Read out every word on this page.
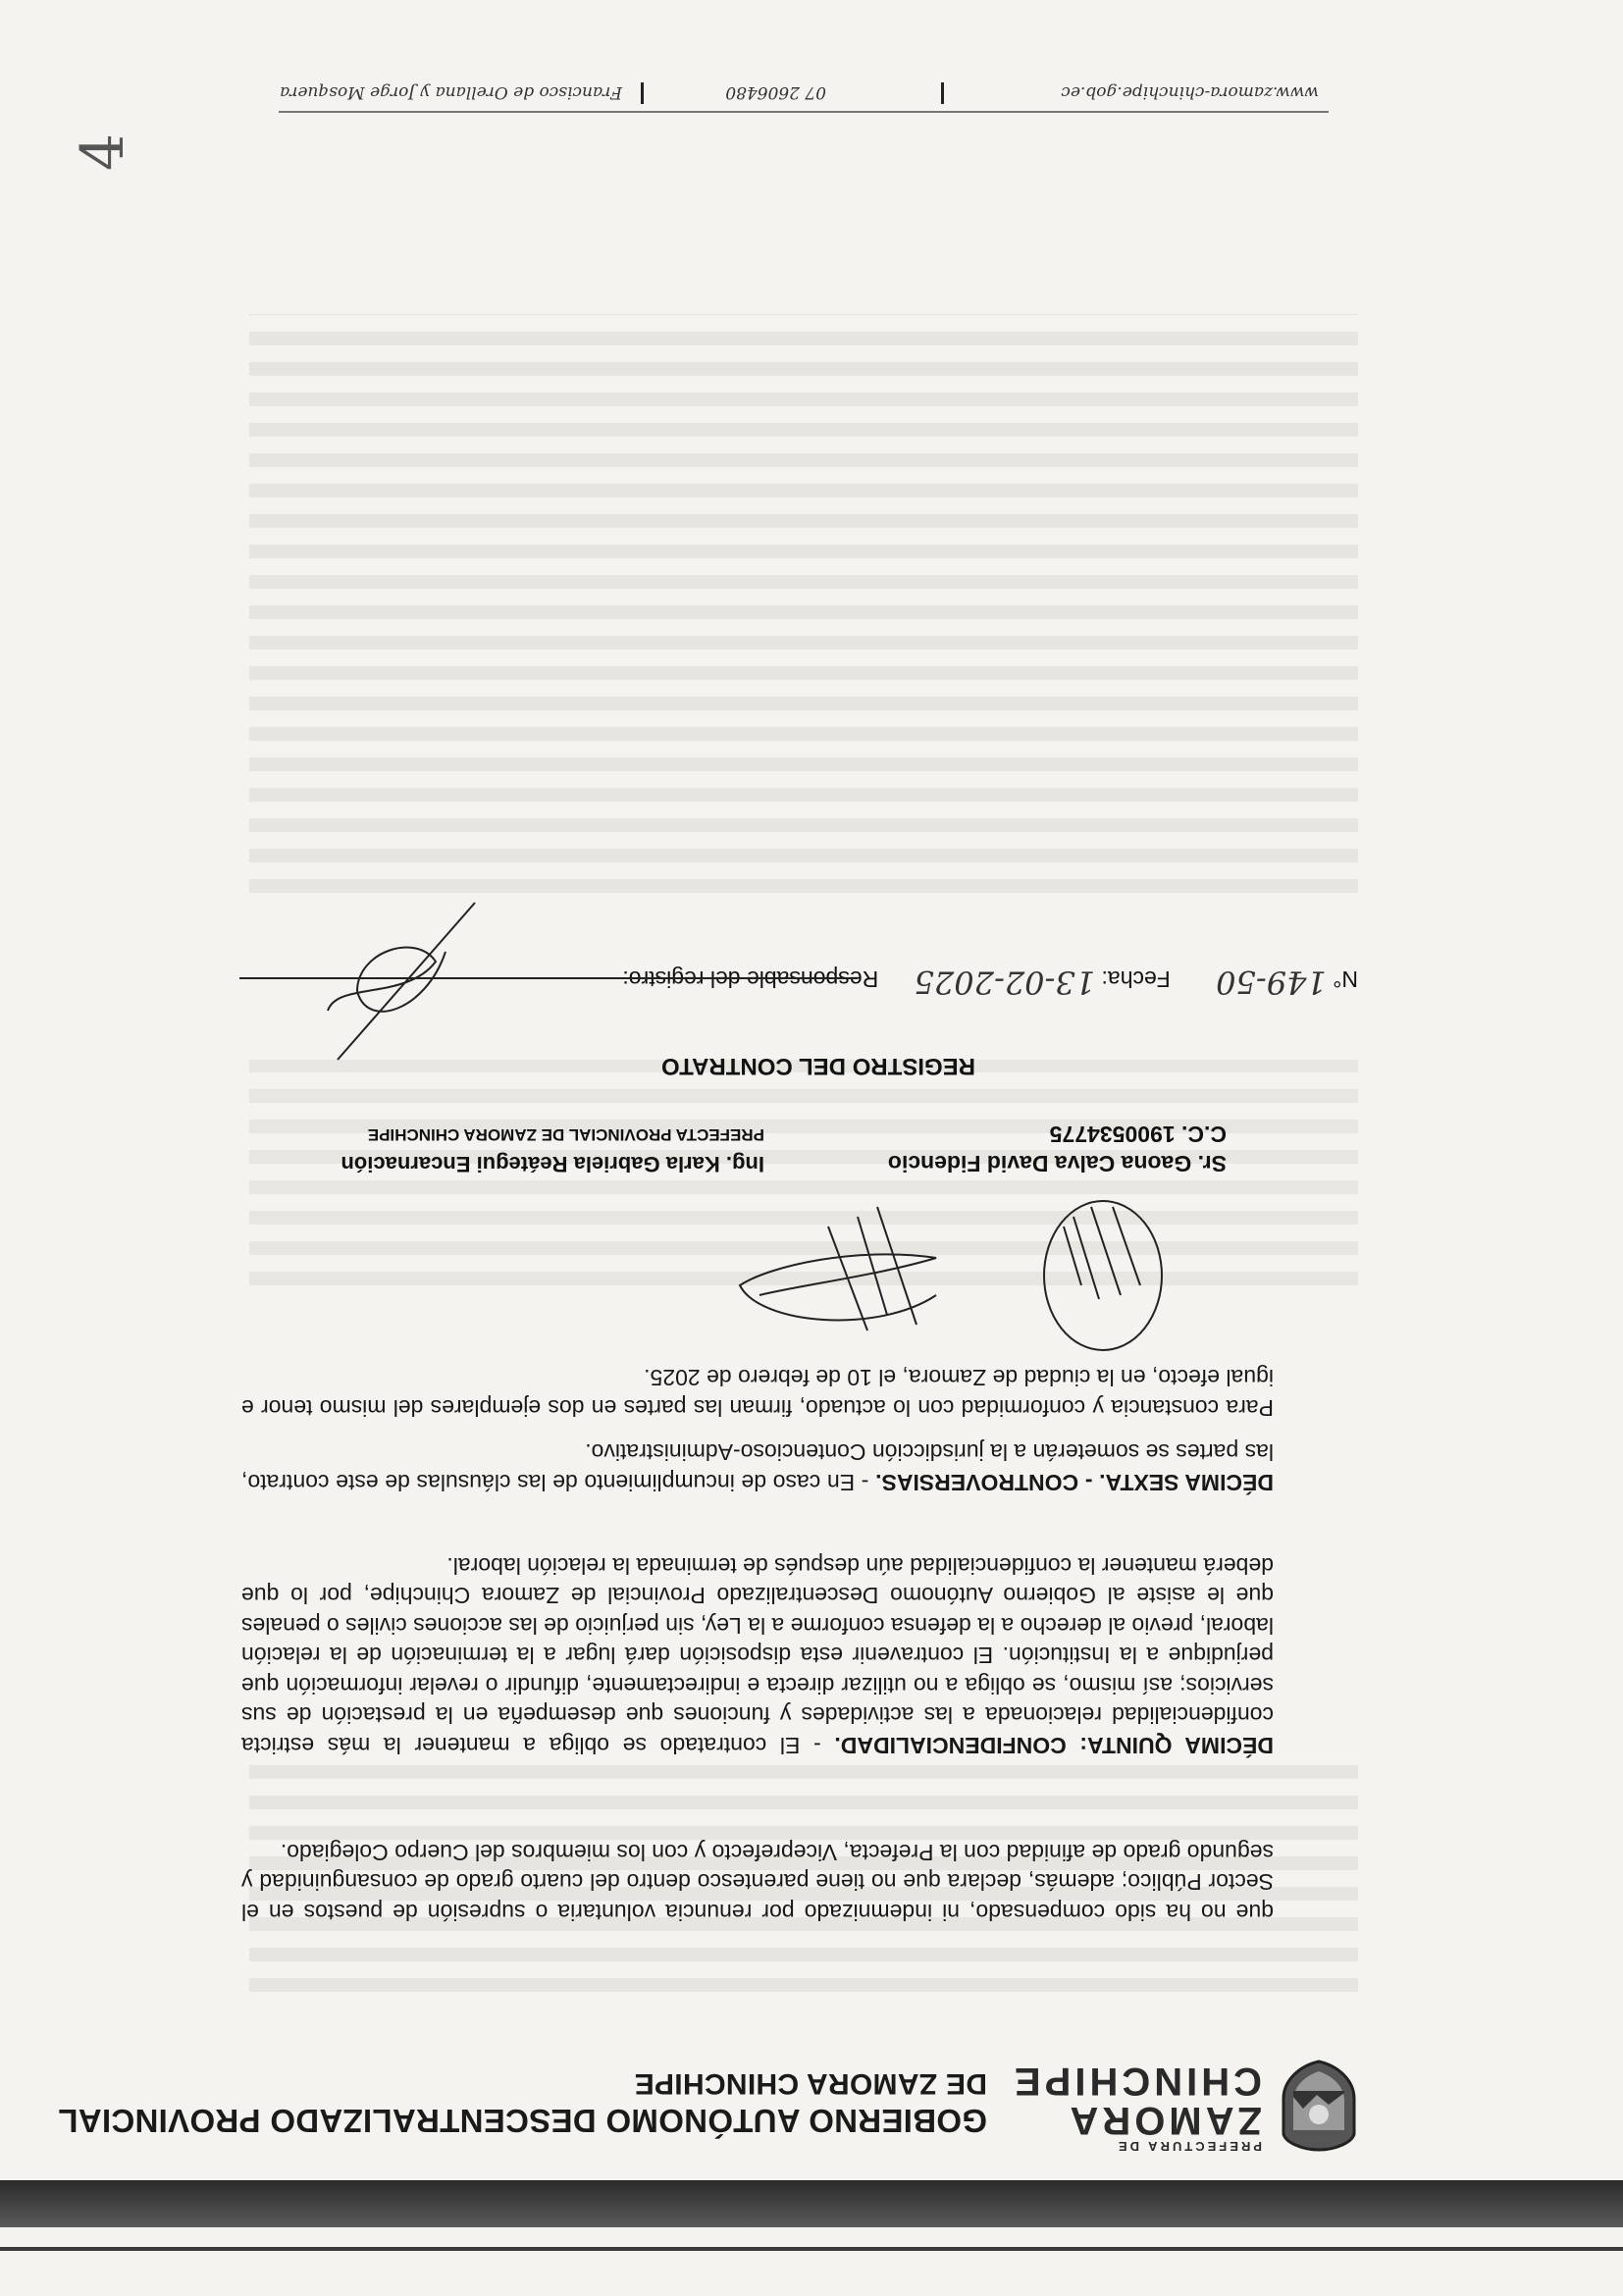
PREFECTURA DE
ZAMORA
CHINCHIPE
GOBIERNO AUTÓNOMO DESCENTRALIZADO PROVINCIAL
DE ZAMORA CHINCHIPE

que no ha sido compensado, ni indemnizado por renuncia voluntaria o supresión de puestos en el Sector Público; además, declara que no tiene parentesco dentro del cuarto grado de consanguinidad y segundo grado de afinidad con la Prefecta, Viceprefecto y con los miembros del Cuerpo Colegiado.

DÉCIMA QUINTA: CONFIDENCIALIDAD. - El contratado se obliga a mantener la más estricta confidencialidad relacionada a las actividades y funciones que desempeña en la prestación de sus servicios; así mismo, se obliga a no utilizar directa e indirectamente, difundir o revelar información que perjudique a la Institución. El contravenir esta disposición dará lugar a la terminación de la relación laboral, previo al derecho a la defensa conforme a la Ley, sin perjuicio de las acciones civiles o penales que le asiste al Gobierno Autónomo Descentralizado Provincial de Zamora Chinchipe, por lo que deberá mantener la confidencialidad aún después de terminada la relación laboral.

DÉCIMA SEXTA. - CONTROVERSIAS. - En caso de incumplimiento de las cláusulas de este contrato, las partes se someterán a la jurisdicción Contencioso-Administrativo.

Para constancia y conformidad con lo actuado, firman las partes en dos ejemplares del mismo tenor e igual efecto, en la ciudad de Zamora, el 10 de febrero de 2025.

Sr. Gaona Calva David Fidencio
C.C. 1900534775
Ing. Karla Gabriela Reátegui Encarnación
PREFECTA PROVINCIAL DE ZAMORA CHINCHIPE
REGISTRO DEL CONTRATO
N° 149-50 Fecha: 13-02-2025 Responsable del registro:
www.zamora-chinchipe.gob.ec
07 2606480
Francisco de Orellana y Jorge Mosquera
4
